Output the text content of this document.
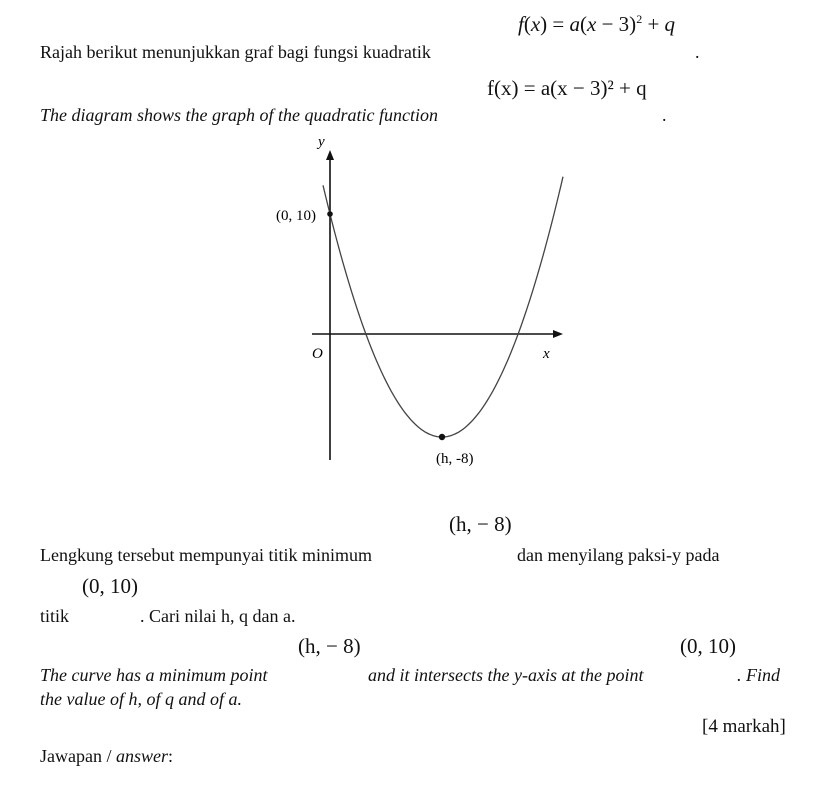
$f(x) = a(x - 3)^2 + q$
Rajah berikut menunjukkan graf bagi fungsi kuadratik	.
f(x) = a(x − 3)² + q
The diagram shows the graph of the quadratic function	.
y
x
O
(0, 10)
(h, -8)
(h, − 8)
Lengkung tersebut mempunyai titik minimum	dan menyilang paksi-y pada
(0, 10)
titik	. Cari nilai h, q dan a.
(h, − 8)	(0, 10)
The curve has a minimum point	and it intersects the y-axis at the point	. Find
the value of h, of q and of a.
[4 markah]
Jawapan / answer:
